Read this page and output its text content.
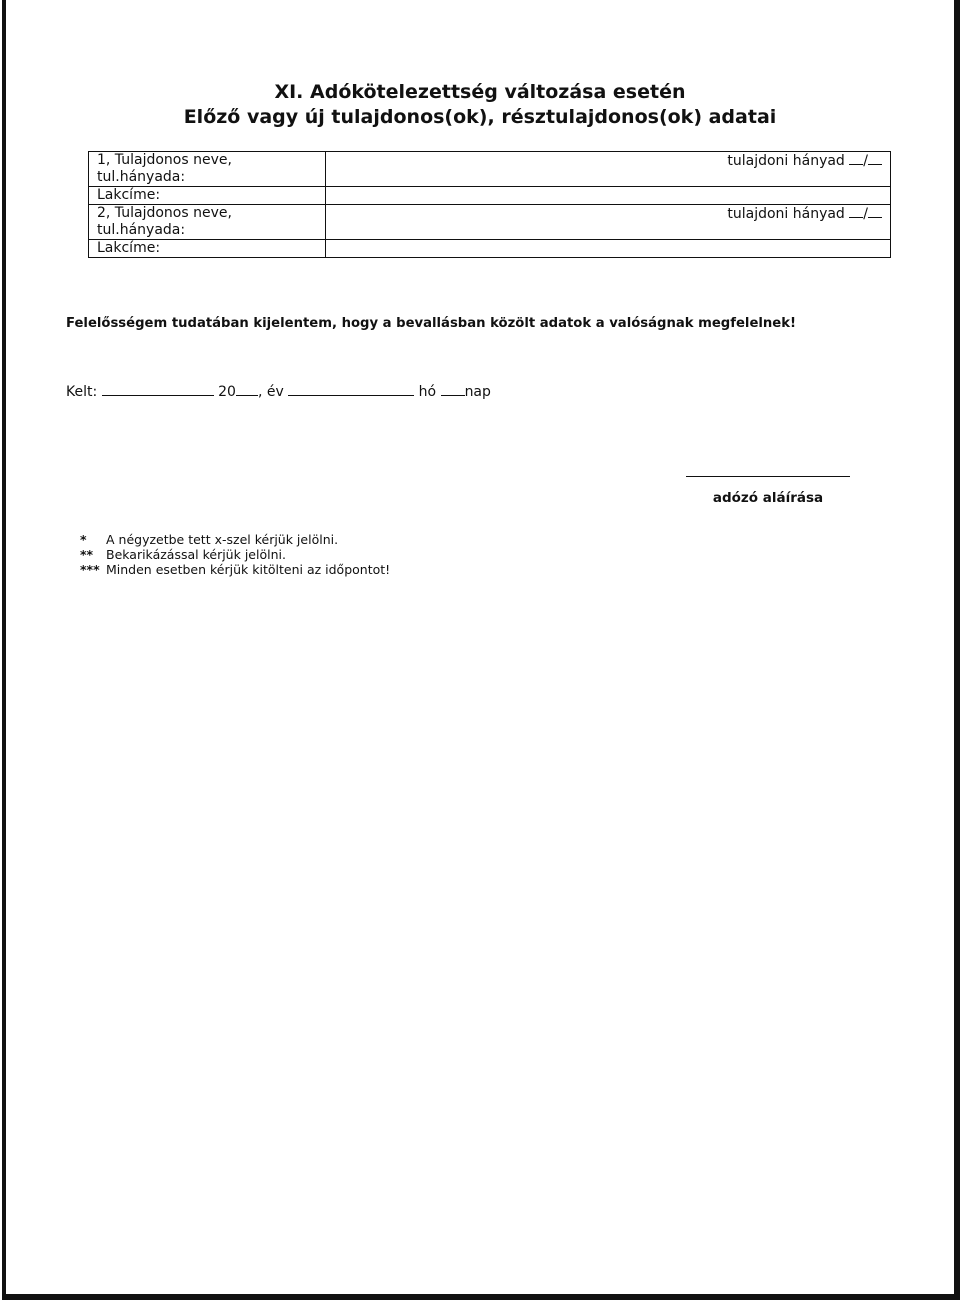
XI. Adókötelezettség változása esetén
Előző vagy új tulajdonos(ok), résztulajdonos(ok) adatai
1, Tulajdonos neve,
tul.hányada:	tulajdoni hányad /
Lakcíme:	
2, Tulajdonos neve,
tul.hányada:	tulajdoni hányad /
Lakcíme:	
Felelősségem tudatában kijelentem, hogy a bevallásban közölt adatok a valóságnak megfelelnek!
Kelt:	20 , év	hó nap
adózó aláírása
*	A négyzetbe tett x-szel kérjük jelölni.
**	Bekarikázással kérjük jelölni.
*** Minden esetben kérjük kitölteni az időpontot!
